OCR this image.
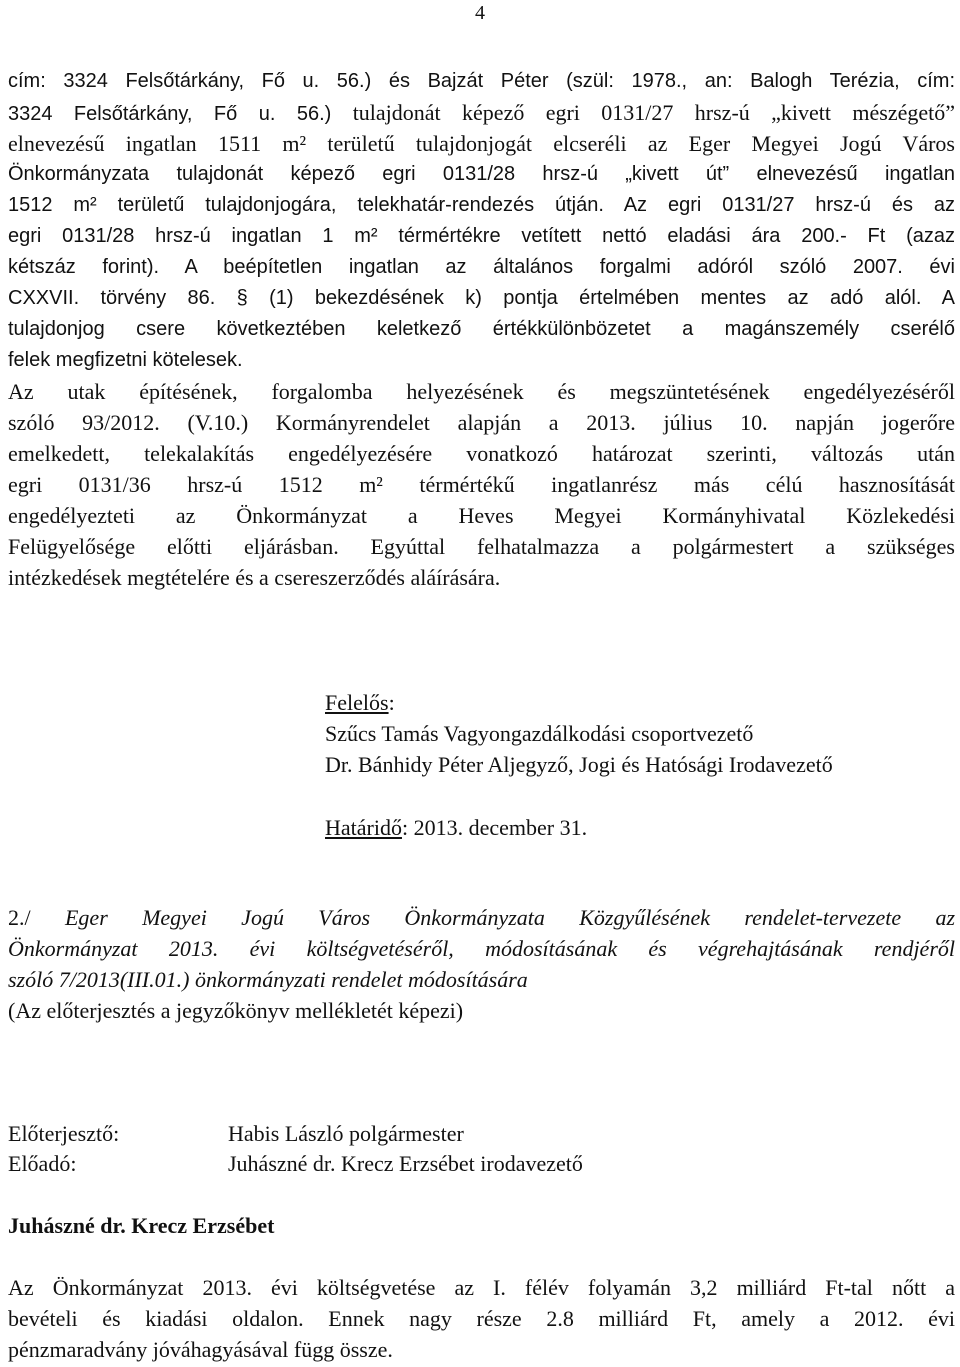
4
cím: 3324 Felsőtárkány, Fő u. 56.) és Bajzát Péter (szül: 1978., an: Balogh Terézia, cím:
3324 Felsőtárkány, Fő u. 56.) tulajdonát képező egri 0131/27 hrsz-ú „kivett mészégető”
elnevezésű ingatlan 1511 m² területű tulajdonjogát elcseréli az Eger Megyei Jogú Város
Önkormányzata tulajdonát képező egri 0131/28 hrsz-ú „kivett út” elnevezésű ingatlan
1512 m² területű tulajdonjogára, telekhatár-rendezés útján. Az egri 0131/27 hrsz-ú és az
egri 0131/28 hrsz-ú ingatlan 1 m² térmértékre vetített nettó eladási ára 200.- Ft (azaz
kétszáz forint). A beépítetlen ingatlan az általános forgalmi adóról szóló 2007. évi
CXXVII. törvény 86. § (1) bekezdésének k) pontja értelmében mentes az adó alól. A
tulajdonjog csere következtében keletkező értékkülönbözetet a magánszemély cserélő
felek megfizetni kötelesek.
Az utak építésének, forgalomba helyezésének és megszüntetésének engedélyezéséről
szóló 93/2012. (V.10.) Kormányrendelet alapján a 2013. július 10. napján jogerőre
emelkedett, telekalakítás engedélyezésére vonatkozó határozat szerinti, változás után
egri 0131/36 hrsz-ú 1512 m² térmértékű ingatlanrész más célú hasznosítását
engedélyezteti az Önkormányzat a Heves Megyei Kormányhivatal Közlekedési
Felügyelősége előtti eljárásban. Egyúttal felhatalmazza a polgármestert a szükséges
intézkedések megtételére és a csereszerződés aláírására.
Felelős:
Szűcs Tamás Vagyongazdálkodási csoportvezető
Dr. Bánhidy Péter Aljegyző, Jogi és Hatósági Irodavezető
Határidő: 2013. december 31.
2./ Eger Megyei Jogú Város Önkormányzata Közgyűlésének rendelet-tervezete az
Önkormányzat 2013. évi költségvetéséről, módosításának és végrehajtásának rendjéről
szóló 7/2013(III.01.) önkormányzati rendelet módosítására
(Az előterjesztés a jegyzőkönyv mellékletét képezi)
Előterjesztő:	Habis László polgármester
Előadó:	Juhászné dr. Krecz Erzsébet irodavezető
Juhászné dr. Krecz Erzsébet
Az Önkormányzat 2013. évi költségvetése az I. félév folyamán 3,2 milliárd Ft-tal nőtt a
bevételi és kiadási oldalon. Ennek nagy része 2.8 milliárd Ft, amely a 2012. évi
pénzmaradvány jóváhagyásával függ össze.
